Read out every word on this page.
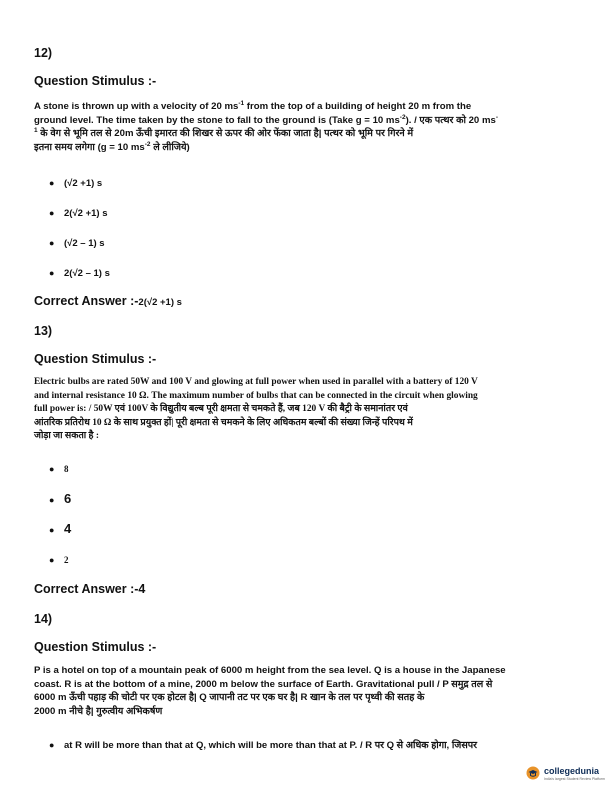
12)
Question Stimulus :-
A stone is thrown up with a velocity of 20 $ms^{-1}$ from the top of a building of height 20 m from the
ground level. The time taken by the stone to fall to the ground is (Take g = 10 $ms^{-2}$). / एक पत्थर को 20 ms-
$^1$ के वेग से भूमि तल से 20m ऊँची इमारत की शिखर से ऊपर की ओर फेंका जाता है| पत्थर को भूमि पर गिरने में
इतना समय लगेगा (g = 10 $ms^{-2}$ ले लीजिये)
● (√2 +1) s
● 2(√2 +1) s
● (√2 – 1) s
● 2(√2 – 1) s
Correct Answer :-2(√2 +1) s
13)
Question Stimulus :-
Electric bulbs are rated 50W and 100 V and glowing at full power when used in parallel with a battery of 120 V
and internal resistance 10 Ω. The maximum number of bulbs that can be connected in the circuit when glowing
full power is: / 50W एवं 100V के विद्युतीय बल्ब पूरी क्षमता से चमकते हैं, जब 120 V की बैट्री के समानांतर एवं
आंतरिक प्रतिरोध 10 Ω के साथ प्रयुक्त हों| पूरी क्षमता से चमकने के लिए अधिकतम बल्बों की संख्या जिन्हें परिपथ में
जोड़ा जा सकता है :
● 8
● 6
● 4
● 2
Correct Answer :-4
14)
Question Stimulus :-
P is a hotel on top of a mountain peak of 6000 m height from the sea level. Q is a house in the Japanese
coast. R is at the bottom of a mine, 2000 m below the surface of Earth. Gravitational pull / P समुद्र तल से
6000 m ऊँची पहाड़ की चोटी पर एक होटल है| Q जापानी तट पर एक घर है| R खान के तल पर पृथ्वी की सतह के
2000 m नीचे है| गुरुत्वीय अभिकर्षण
● at R will be more than that at Q, which will be more than that at P. / R पर Q से अधिक होगा, जिसपर
collegedunia
India's largest Student Review Platform
